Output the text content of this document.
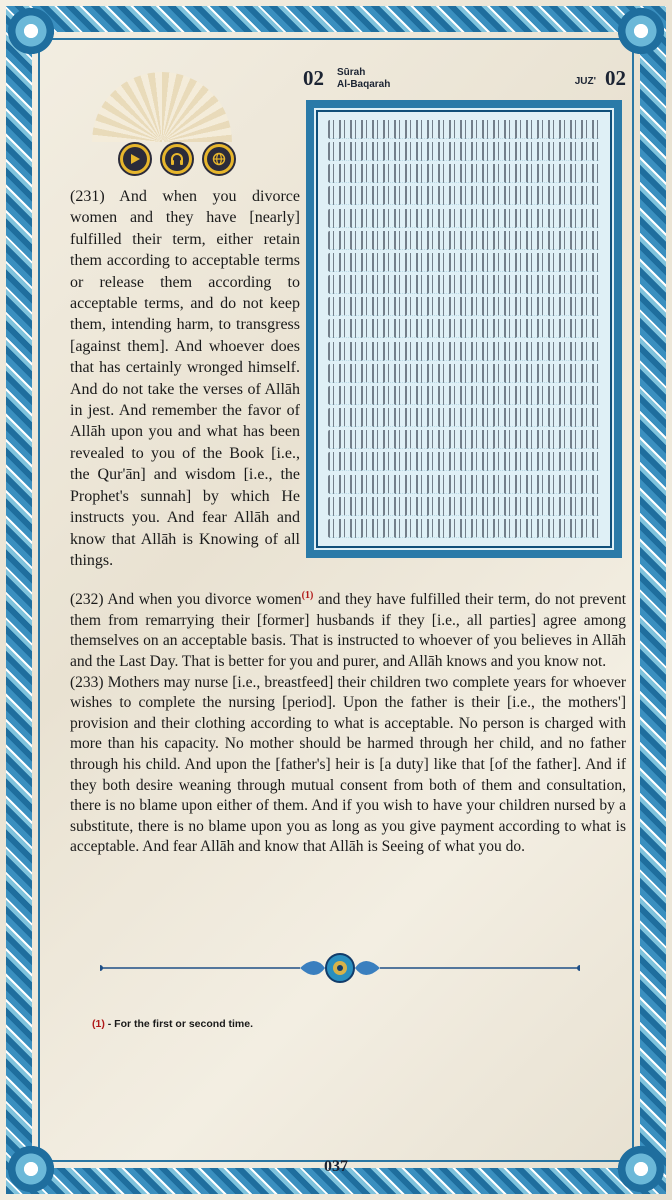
02 Sūrah
Al-Baqarah	JUZ' 02
(231) And when you divorce women and they have [nearly] fulfilled their term, either retain them according to acceptable terms or release them according to acceptable terms, and do not keep them, intending harm, to transgress [against them]. And whoever does that has certainly wronged himself. And do not take the verses of Allāh in jest. And remember the favor of Allāh upon you and what has been revealed to you of the Book [i.e., the Qur'ān] and wisdom [i.e., the Prophet's sunnah] by which He instructs you. And fear Allāh and know that Allāh is Knowing of all things.

(232) And when you divorce women$^{(1)}$ and they have fulfilled their term, do not prevent them from remarrying their [former] husbands if they [i.e., all parties] agree among themselves on an acceptable basis. That is instructed to whoever of you believes in Allāh and the Last Day. That is better for you and purer, and Allāh knows and you know not.

(233) Mothers may nurse [i.e., breastfeed] their children two complete years for whoever wishes to complete the nursing [period]. Upon the father is their [i.e., the mothers'] provision and their clothing according to what is acceptable. No person is charged with more than his capacity. No mother should be harmed through her child, and no father through his child. And upon the [father's] heir is [a duty] like that [of the father]. And if they both desire weaning through mutual consent from both of them and consultation, there is no blame upon either of them. And if you wish to have your children nursed by a substitute, there is no blame upon you as long as you give payment according to what is acceptable. And fear Allāh and know that Allāh is Seeing of what you do.

(1) - For the first or second time.
037
